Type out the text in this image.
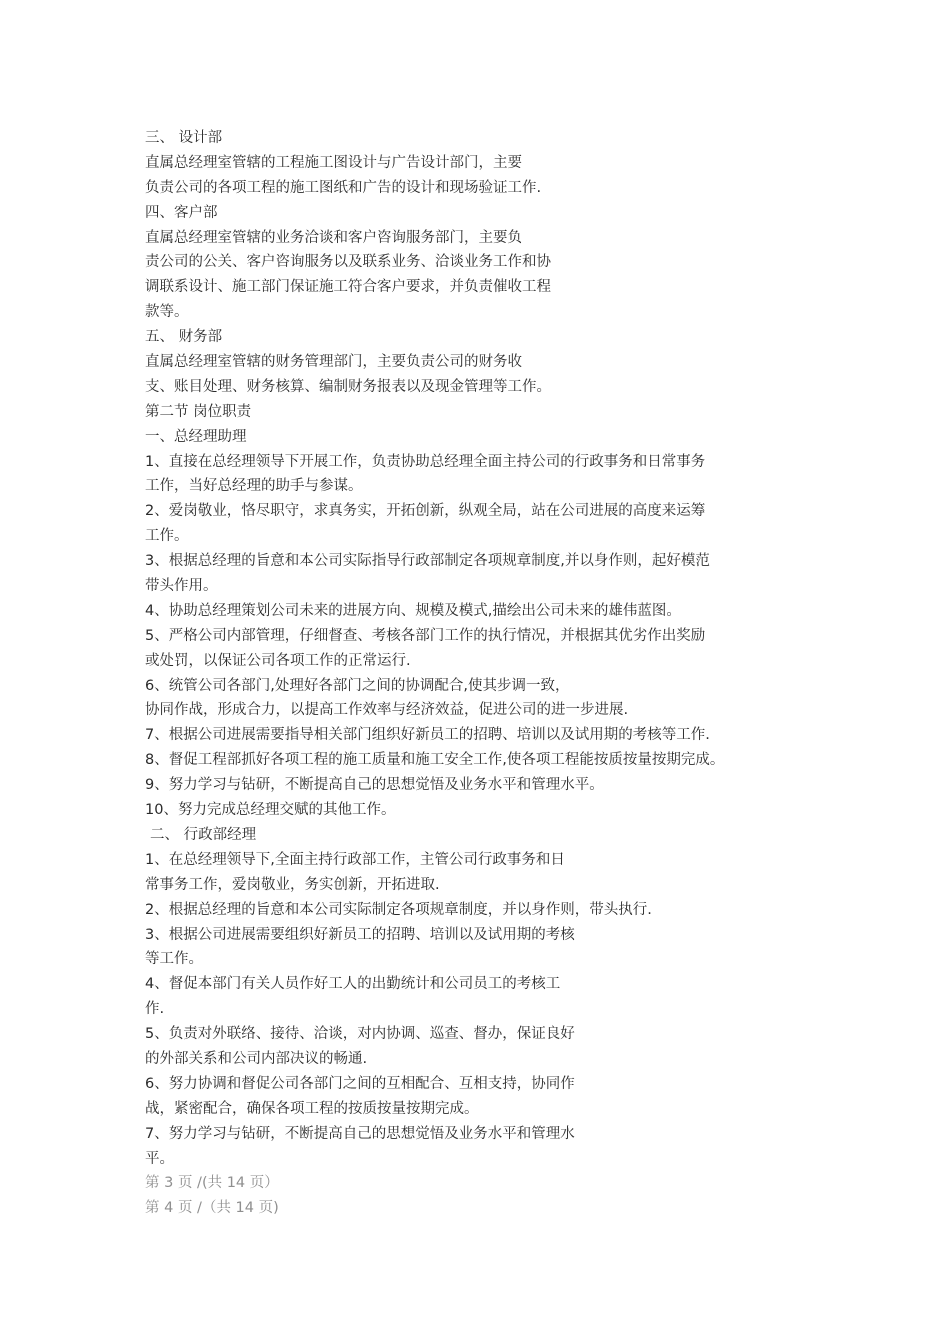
三、 设计部
直属总经理室管辖的工程施工图设计与广告设计部门，主要
负责公司的各项工程的施工图纸和广告的设计和现场验证工作.
四、客户部
直属总经理室管辖的业务洽谈和客户咨询服务部门，主要负
责公司的公关、客户咨询服务以及联系业务、洽谈业务工作和协
调联系设计、施工部门保证施工符合客户要求，并负责催收工程
款等。
五、 财务部
直属总经理室管辖的财务管理部门，主要负责公司的财务收
支、账目处理、财务核算、编制财务报表以及现金管理等工作。
第二节 岗位职责
一、总经理助理
1、直接在总经理领导下开展工作，负责协助总经理全面主持公司的行政事务和日常事务
工作，当好总经理的助手与参谋。
2、爱岗敬业，恪尽职守，求真务实，开拓创新，纵观全局，站在公司进展的高度来运筹
工作。
3、根据总经理的旨意和本公司实际指导行政部制定各项规章制度,并以身作则，起好模范
带头作用。
4、协助总经理策划公司未来的进展方向、规模及模式,描绘出公司未来的雄伟蓝图。
5、严格公司内部管理，仔细督查、考核各部门工作的执行情况，并根据其优劣作出奖励
或处罚，以保证公司各项工作的正常运行.
6、统管公司各部门,处理好各部门之间的协调配合,使其步调一致，
协同作战，形成合力，以提高工作效率与经济效益，促进公司的进一步进展.
7、根据公司进展需要指导相关部门组织好新员工的招聘、培训以及试用期的考核等工作.
8、督促工程部抓好各项工程的施工质量和施工安全工作,使各项工程能按质按量按期完成。
9、努力学习与钻研，不断提高自己的思想觉悟及业务水平和管理水平。
10、努力完成总经理交赋的其他工作。
二、 行政部经理
1、在总经理领导下,全面主持行政部工作，主管公司行政事务和日
常事务工作，爱岗敬业，务实创新，开拓进取.
2、根据总经理的旨意和本公司实际制定各项规章制度，并以身作则，带头执行.
3、根据公司进展需要组织好新员工的招聘、培训以及试用期的考核
等工作。
4、督促本部门有关人员作好工人的出勤统计和公司员工的考核工
作.
5、负责对外联络、接待、洽谈，对内协调、巡查、督办，保证良好
的外部关系和公司内部决议的畅通.
6、努力协调和督促公司各部门之间的互相配合、互相支持，协同作
战，紧密配合，确保各项工程的按质按量按期完成。
7、努力学习与钻研，不断提高自己的思想觉悟及业务水平和管理水
平。
第 3 页 /(共 14 页）
第 4 页 /（共 14 页)
